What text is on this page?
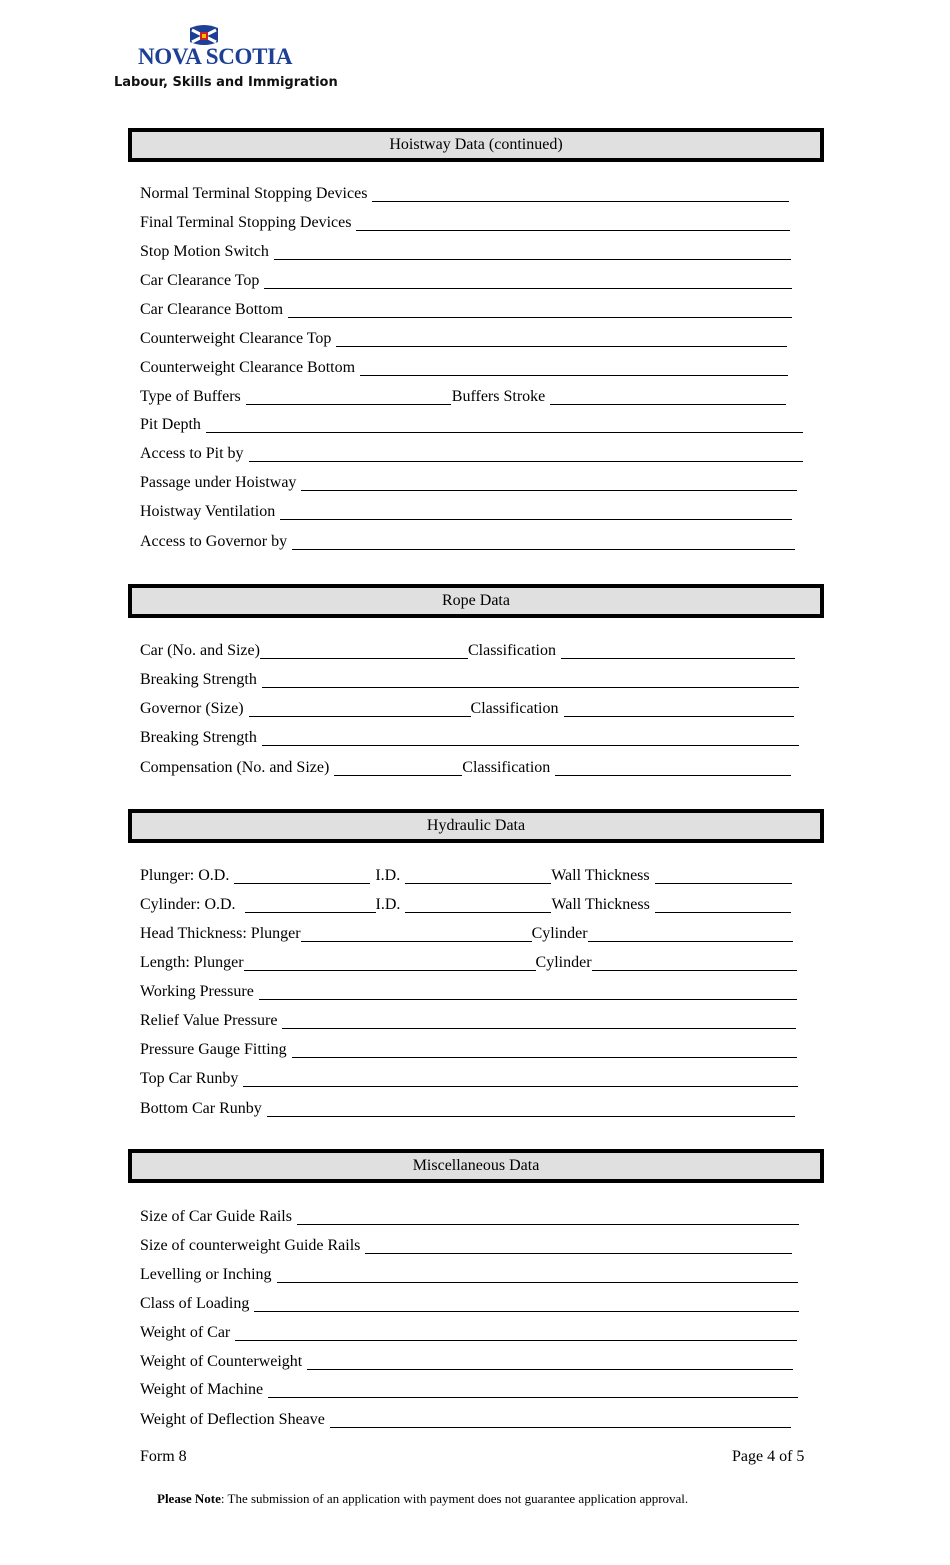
NOVA SCOTIA
Labour, Skills and Immigration
Hoistway Data (continued)
Normal Terminal Stopping Devices
Final Terminal Stopping Devices
Stop Motion Switch
Car Clearance Top
Car Clearance Bottom
Counterweight Clearance Top
Counterweight Clearance Bottom
Type of Buffers	Buffers Stroke
Pit Depth
Access to Pit by
Passage under Hoistway
Hoistway Ventilation
Access to Governor by
Rope Data
Car (No. and Size)	Classification
Breaking Strength
Governor (Size)	Classification
Breaking Strength
Compensation (No. and Size)	Classification
Hydraulic Data
Plunger: O.D.	I.D.	Wall Thickness
Cylinder: O.D.	I.D.	Wall Thickness
Head Thickness: Plunger	Cylinder
Length: Plunger	Cylinder
Working Pressure
Relief Value Pressure
Pressure Gauge Fitting
Top Car Runby
Bottom Car Runby
Miscellaneous Data
Size of Car Guide Rails
Size of counterweight Guide Rails
Levelling or Inching
Class of Loading
Weight of Car
Weight of Counterweight
Weight of Machine
Weight of Deflection Sheave
Form 8	Page 4 of 5
Please Note: The submission of an application with payment does not guarantee application approval.
